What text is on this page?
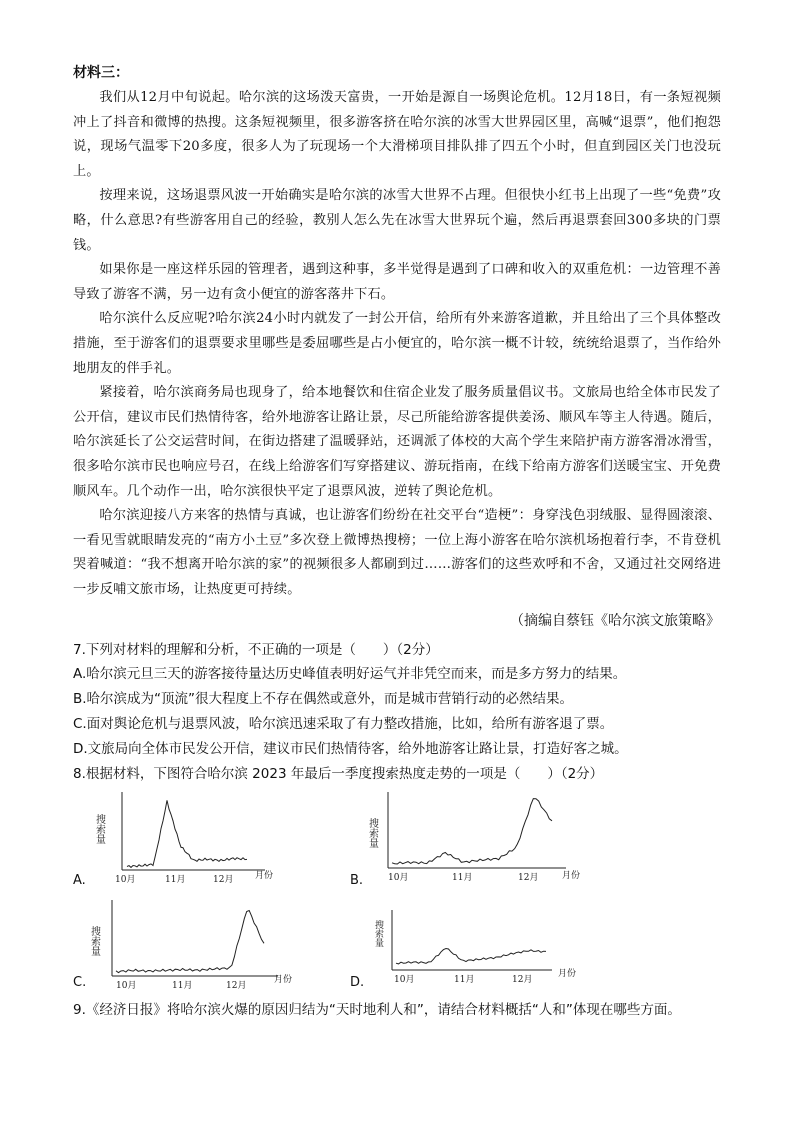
材料三：

我们从12月中旬说起。哈尔滨的这场泼天富贵，一开始是源自一场舆论危机。12月18日，有一条短视频冲上了抖音和微博的热搜。这条短视频里，很多游客挤在哈尔滨的冰雪大世界园区里，高喊“退票”，他们抱怨说，现场气温零下20多度，很多人为了玩现场一个大滑梯项目排队排了四五个小时，但直到园区关门也没玩上。

按理来说，这场退票风波一开始确实是哈尔滨的冰雪大世界不占理。但很快小红书上出现了一些“免费”攻略，什么意思?有些游客用自己的经验，教别人怎么先在冰雪大世界玩个遍，然后再退票套回300多块的门票钱。

如果你是一座这样乐园的管理者，遇到这种事，多半觉得是遇到了口碑和收入的双重危机：一边管理不善导致了游客不满，另一边有贪小便宜的游客落井下石。

哈尔滨什么反应呢?哈尔滨24小时内就发了一封公开信，给所有外来游客道歉，并且给出了三个具体整改措施，至于游客们的退票要求里哪些是委屈哪些是占小便宜的，哈尔滨一概不计较，统统给退票了，当作给外地朋友的伴手礼。

紧接着，哈尔滨商务局也现身了，给本地餐饮和住宿企业发了服务质量倡议书。文旅局也给全体市民发了公开信，建议市民们热情待客，给外地游客让路让景，尽己所能给游客提供姜汤、顺风车等主人待遇。随后，哈尔滨延长了公交运营时间，在街边搭建了温暖驿站，还调派了体校的大高个学生来陪护南方游客滑冰滑雪，很多哈尔滨市民也响应号召，在线上给游客们写穿搭建议、游玩指南，在线下给南方游客们送暖宝宝、开免费顺风车。几个动作一出，哈尔滨很快平定了退票风波，逆转了舆论危机。

哈尔滨迎接八方来客的热情与真诚，也让游客们纷纷在社交平台“造梗”：身穿浅色羽绒服、显得圆滚滚、一看见雪就眼睛发亮的“南方小土豆”多次登上微博热搜榜；一位上海小游客在哈尔滨机场抱着行李，不肯登机哭着喊道：“我不想离开哈尔滨的家”的视频很多人都刷到过……游客们的这些欢呼和不舍，又通过社交网络进一步反哺文旅市场，让热度更可持续。

（摘编自蔡钰《哈尔滨文旅策略》
7.下列对材料的理解和分析，不正确的一项是（　　）（2分）
A.哈尔滨元旦三天的游客接待量达历史峰值表明好运气并非凭空而来，而是多方努力的结果。
B.哈尔滨成为“顶流”很大程度上不存在偶然或意外，而是城市营销行动的必然结果。
C.面对舆论危机与退票风波，哈尔滨迅速采取了有力整改措施，比如，给所有游客退了票。
D.文旅局向全体市民发公开信，建议市民们热情待客，给外地游客让路让景，打造好客之城。
8.根据材料，下图符合哈尔滨 2023 年最后一季度搜索热度走势的一项是（　　）（2分）
A.
搜索量
10月	11月	12月 月份	B.
搜索量
10月	11月	12月	月份
C.
搜索量
10月	11月	12月
月份	D.
搜索量
10月	11月	12月
月份
9.《经济日报》将哈尔滨火爆的原因归结为“天时地利人和”，请结合材料概括“人和”体现在哪些方面。
